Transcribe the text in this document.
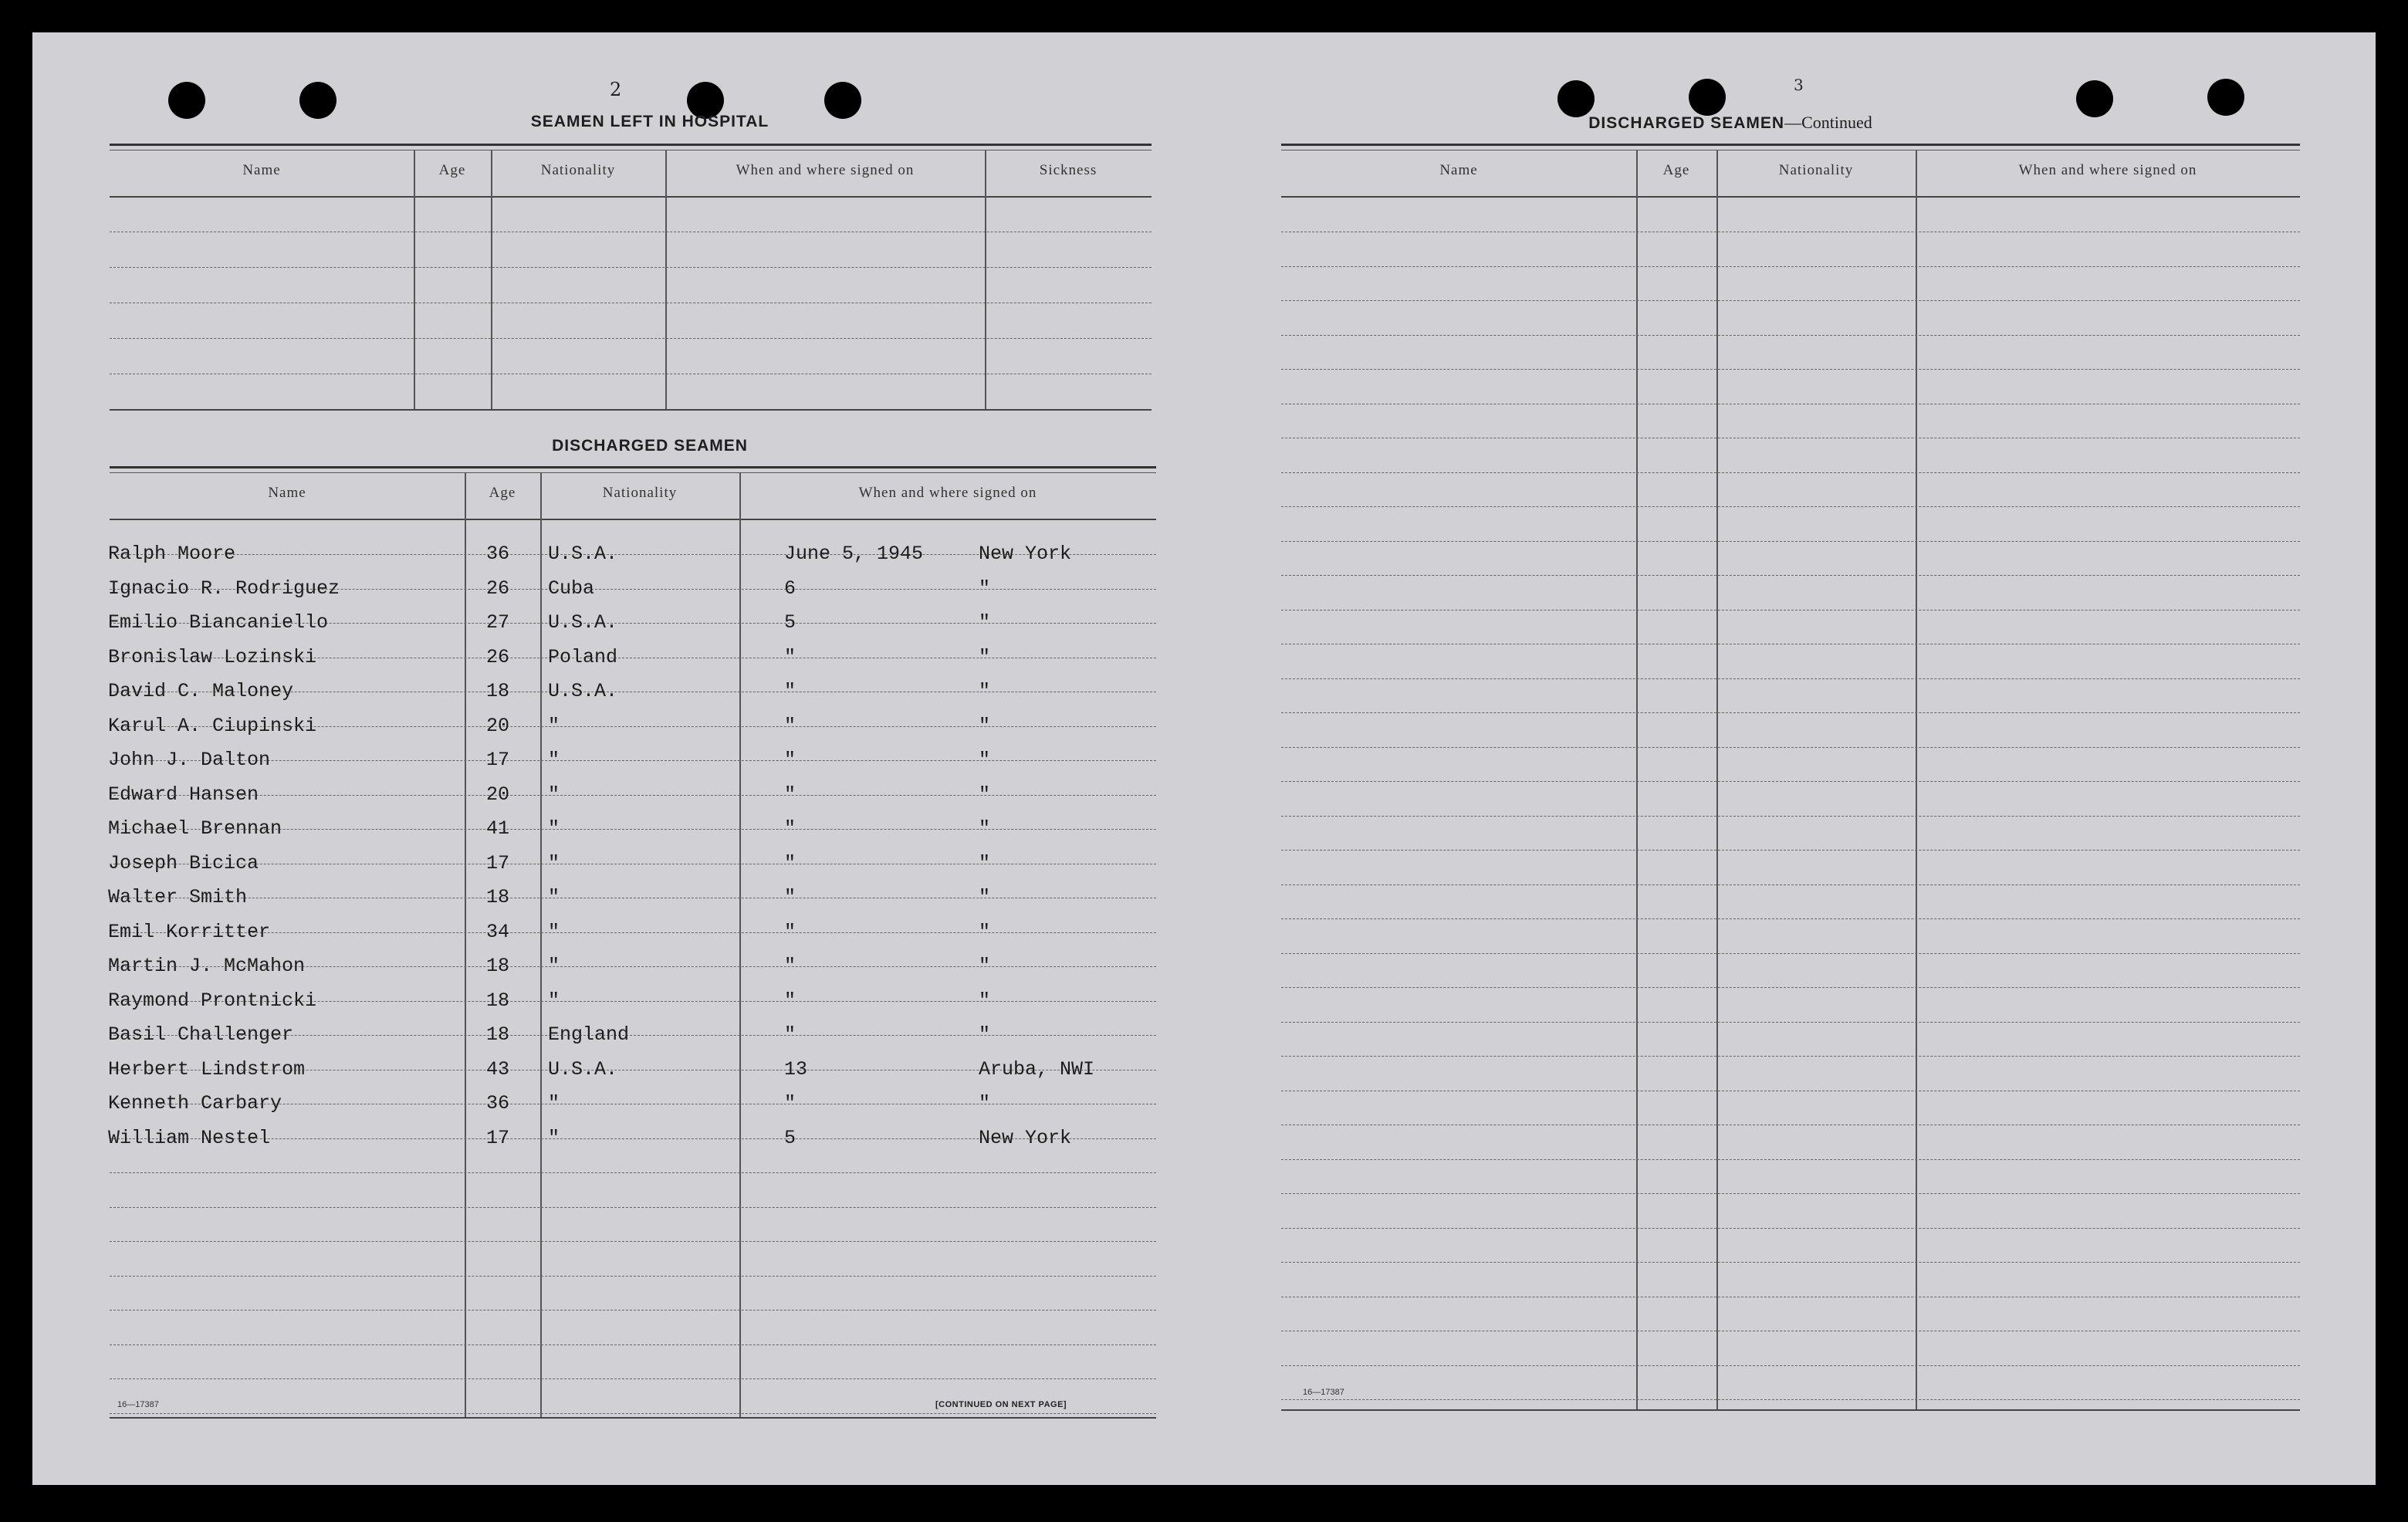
2
SEAMEN LEFT IN HOSPITAL
Name	Age	Nationality	When and where signed on	Sickness
DISCHARGED SEAMEN
Name	Age	Nationality	When and where signed on
Ralph Moore	36 U.S.A.	June 5, 1945	New York
Ignacio R. Rodriguez	26 Cuba	6	"
Emilio Biancaniello	27 U.S.A.	5	"
Bronislaw Lozinski	26 Poland	"	"
David C. Maloney	18 U.S.A.	"	"
Karul A. Ciupinski	20 "	"	"
John J. Dalton	17 "	"	"
Edward Hansen	20 "	"	"
Michael Brennan	41 "	"	"
Joseph Bicica	17 "	"	"
Walter Smith	18 "	"	"
Emil Korritter	34 "	"	"
Martin J. McMahon	18 "	"	"
Raymond Prontnicki	18 "	"	"
Basil Challenger	18 England	"	"
Herbert Lindstrom	43 U.S.A.	13	Aruba, NWI
Kenneth Carbary	36 "	"	"
William Nestel	17 "	5	New York
16—17387	[CONTINUED ON NEXT PAGE]
3
DISCHARGED SEAMEN—Continued
Name	Age	Nationality	When and where signed on
16—17387
